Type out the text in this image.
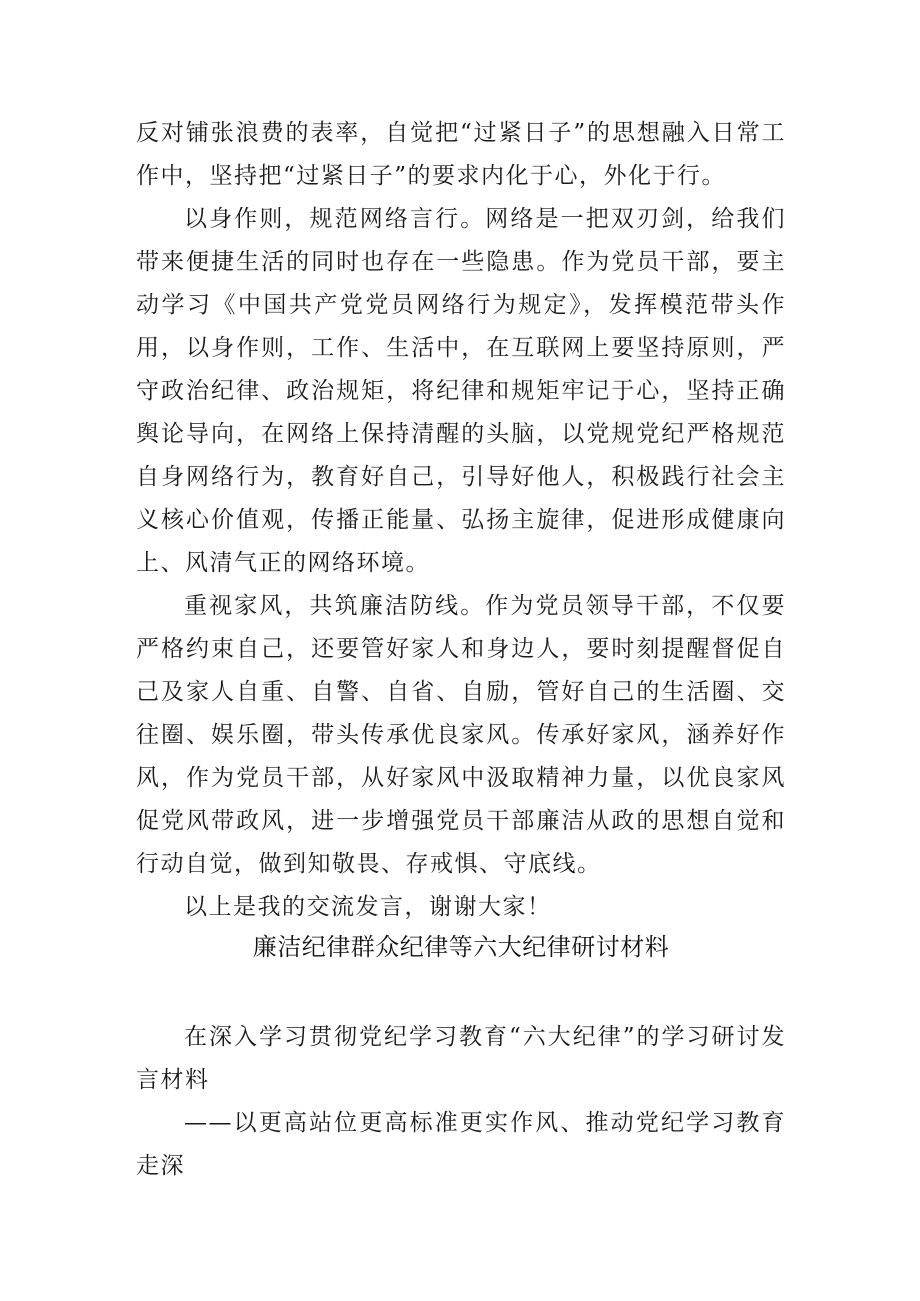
反对铺张浪费的表率，自觉把“过紧日子”的思想融入日常工作中，坚持把“过紧日子”的要求内化于心，外化于行。

以身作则，规范网络言行。网络是一把双刃剑，给我们带来便捷生活的同时也存在一些隐患。作为党员干部，要主动学习《中国共产党党员网络行为规定》，发挥模范带头作用，以身作则，工作、生活中，在互联网上要坚持原则，严守政治纪律、政治规矩，将纪律和规矩牢记于心，坚持正确舆论导向，在网络上保持清醒的头脑，以党规党纪严格规范自身网络行为，教育好自己，引导好他人，积极践行社会主义核心价值观，传播正能量、弘扬主旋律，促进形成健康向上、风清气正的网络环境。

重视家风，共筑廉洁防线。作为党员领导干部，不仅要严格约束自己，还要管好家人和身边人，要时刻提醒督促自己及家人自重、自警、自省、自励，管好自己的生活圈、交往圈、娱乐圈，带头传承优良家风。传承好家风，涵养好作风，作为党员干部，从好家风中汲取精神力量，以优良家风促党风带政风，进一步增强党员干部廉洁从政的思想自觉和行动自觉，做到知敬畏、存戒惧、守底线。

以上是我的交流发言，谢谢大家！

廉洁纪律群众纪律等六大纪律研讨材料

在深入学习贯彻党纪学习教育“六大纪律”的学习研讨发言材料

——以更高站位更高标准更实作风、推动党纪学习教育走深
